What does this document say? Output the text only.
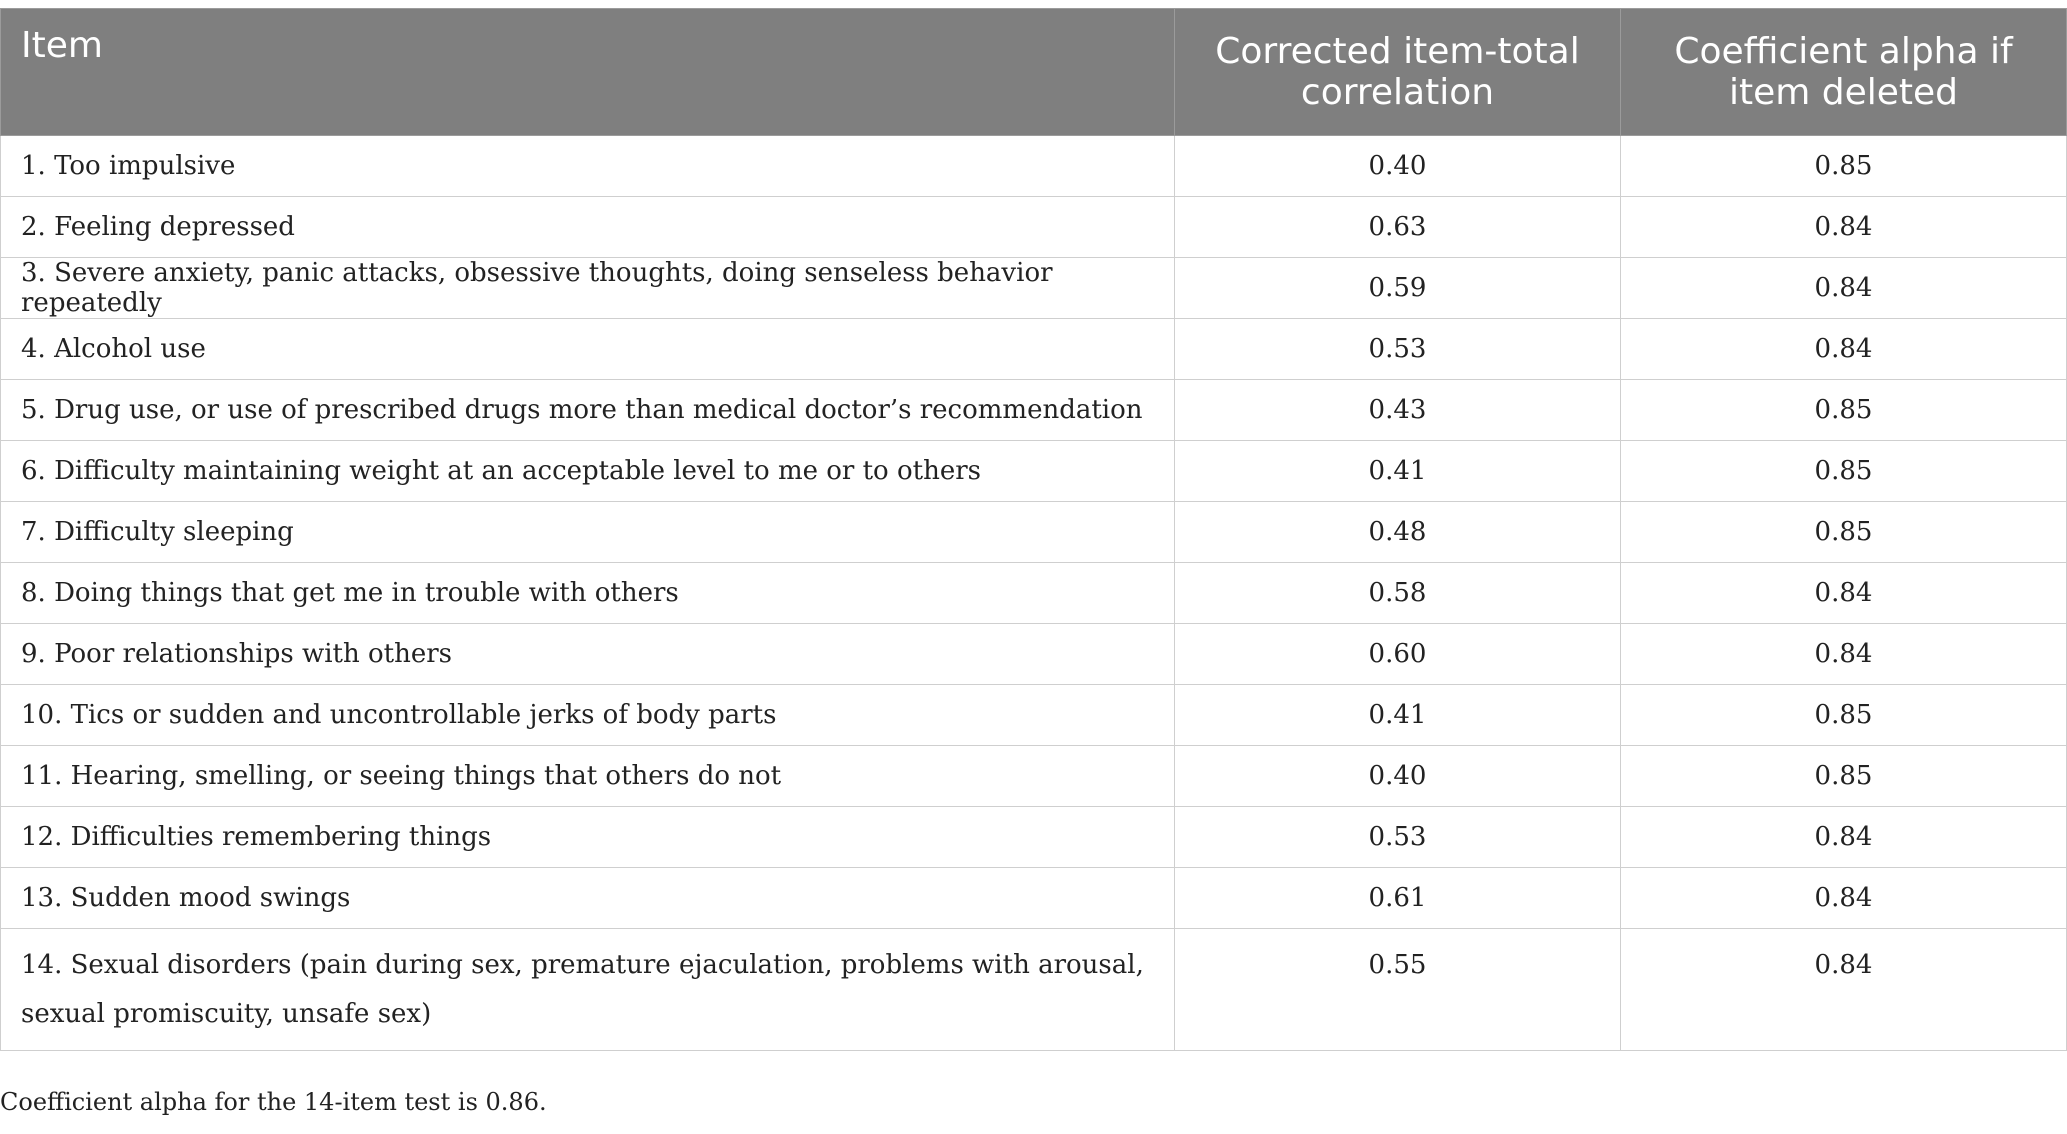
Item	Corrected item-total correlation	Coefficient alpha if item deleted

1. Too impulsive	0.40	0.85
2. Feeling depressed	0.63	0.84
3. Severe anxiety, panic attacks, obsessive thoughts, doing senseless behavior repeatedly	0.59	0.84
4. Alcohol use	0.53	0.84
5. Drug use, or use of prescribed drugs more than medical doctor’s recommendation	0.43	0.85
6. Difficulty maintaining weight at an acceptable level to me or to others	0.41	0.85
7. Difficulty sleeping	0.48	0.85
8. Doing things that get me in trouble with others	0.58	0.84
9. Poor relationships with others	0.60	0.84
10. Tics or sudden and uncontrollable jerks of body parts	0.41	0.85
11. Hearing, smelling, or seeing things that others do not	0.40	0.85
12. Difficulties remembering things	0.53	0.84
13. Sudden mood swings	0.61	0.84
14. Sexual disorders (pain during sex, premature ejaculation, problems with arousal, sexual promiscuity, unsafe sex)	0.55	0.84
Coefficient alpha for the 14-item test is 0.86.
